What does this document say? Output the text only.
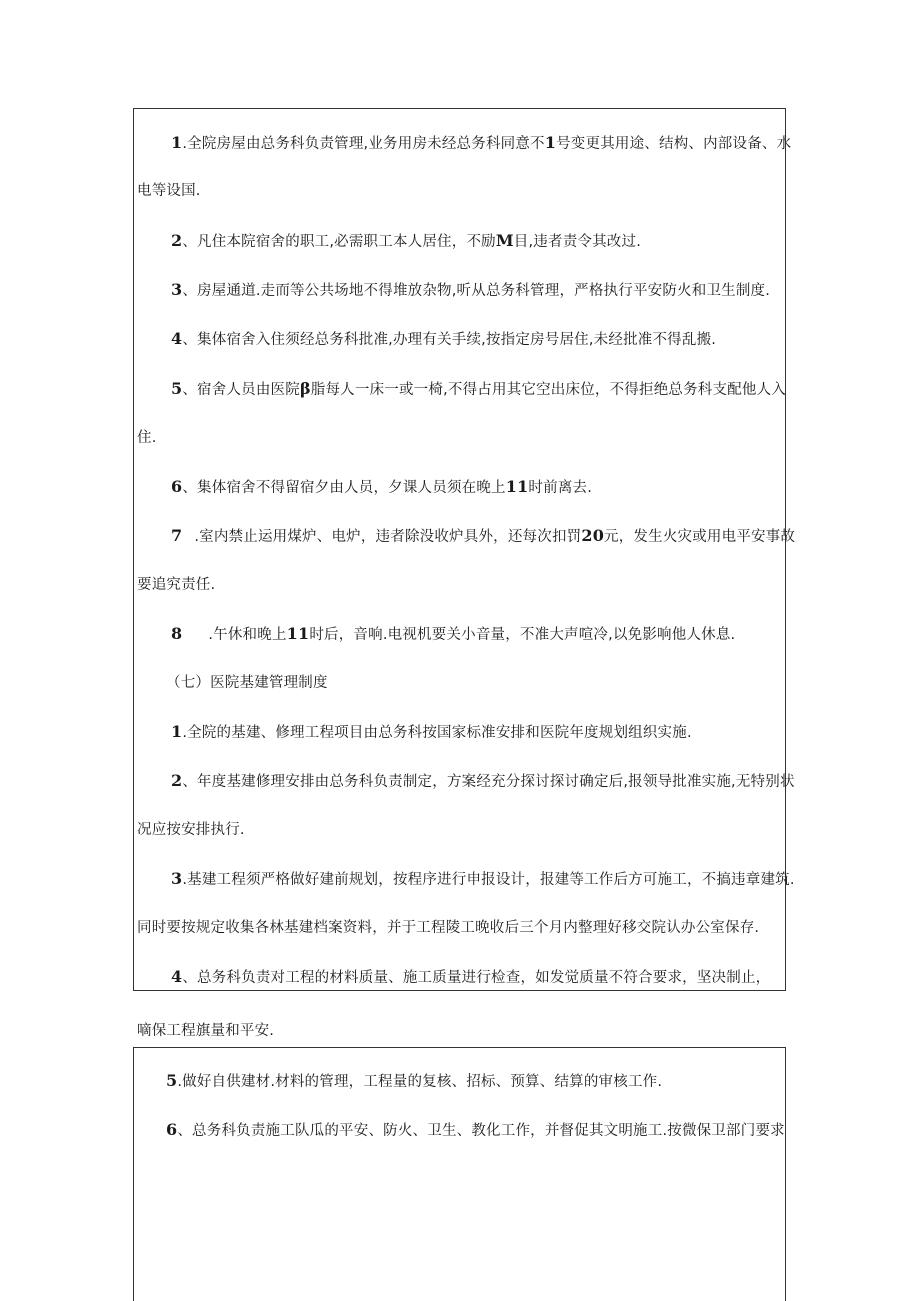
1.全院房屋由总务科负责管理,业务用房未经总务科同意不1号变更其用途、结构、内部设备、水
电等设国.
2、凡住本院宿舍的职工,必需职工本人居住，不励M目,违者责令其改过.
3、房屋通道.走而等公共场地不得堆放杂物,听从总务科管理，严格执行平安防火和卫生制度.
4、集体宿舍入住须经总务科批准,办理有关手续,按指定房号居住,未经批准不得乱搬.
5、宿舍人员由医院β脂每人一床一或一椅,不得占用其它空出床位，不得拒绝总务科支配他人入
住.
6、集体宿舍不得留宿夕由人员，夕课人员须在晚上11时前离去.
7 .室内禁止运用煤炉、电炉，违者除没收炉具外，还每次扣罚20元，发生火灾或用电平安事故
要追究责任.
8 .午休和晚上11时后，音响.电视机要关小音量，不准大声喧冷,以免影响他人休息.
（七）医院基建管理制度
1.全院的基建、修理工程项目由总务科按国家标准安排和医院年度规划组织实施.
2、年度基建修理安排由总务科负责制定，方案经充分探讨探讨确定后,报领导批准实施,无特别状
况应按安排执行.
3.基建工程须严格做好建前规划，按程序进行申报设计，报建等工作后方可施工，不搞违章建筑.
同时要按规定收集各林基建档案资料，并于工程陵工晚收后三个月内整理好移交院认办公室保存.
4、总务科负责对工程的材料质量、施工质量进行检查，如发觉质量不符合要求，坚决制止，
嘀保工程旗量和平安.
5.做好自供建材.材料的管理，工程量的复核、招标、预算、结算的审核工作.
6、总务科负责施工队瓜的平安、防火、卫生、教化工作，并督促其文明施工.按微保卫部门要求
